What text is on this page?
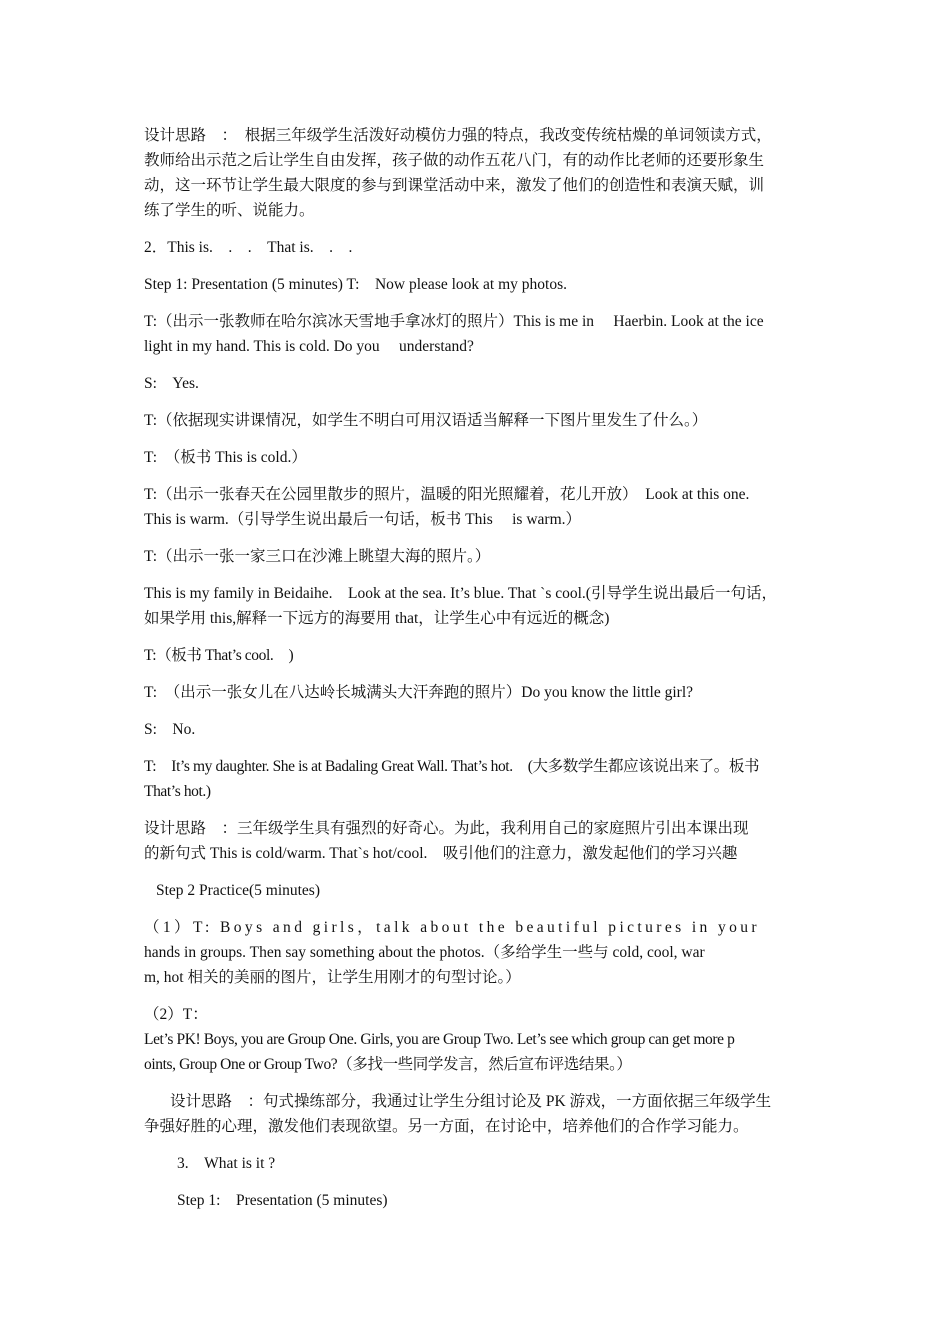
设计思路　：　根据三年级学生活泼好动模仿力强的特点，我改变传统枯燥的单词领读方式，
教师给出示范之后让学生自由发挥，孩子做的动作五花八门，有的动作比老师的还要形象生
动，这一环节让学生最大限度的参与到课堂活动中来，激发了他们的创造性和表演天赋，训
练了学生的听、说能力。
2．This is.　.　.　That is.　.　.
Step 1: Presentation (5 minutes) T:　Now please look at my photos.
T:（出示一张教师在哈尔滨冰天雪地手拿冰灯的照片）This is me in　 Haerbin. Look at the ice
light in my hand. This is cold. Do you　 understand?
S:　Yes.
T:（依据现实讲课情况，如学生不明白可用汉语适当解释一下图片里发生了什么。）
T:　（板书 This is cold.）
T:（出示一张春天在公园里散步的照片，温暖的阳光照耀着，花儿开放）　Look at this one.
This is warm.（引导学生说出最后一句话，板书 This　 is warm.）
T:（出示一张一家三口在沙滩上眺望大海的照片。）
This is my family in Beidaihe.　Look at the sea. It’s blue. That `s cool.(引导学生说出最后一句话，
如果学用 this,解释一下远方的海要用 that，让学生心中有远近的概念)
T:（板书 That’s cool.　)
T:　（出示一张女儿在八达岭长城满头大汗奔跑的照片）Do you know the little girl?
S:　No.
T:　It’s my daughter. She is at Badaling Great Wall. That’s hot.　(大多数学生都应该说出来了。板书
That’s hot.)
设计思路　：三年级学生具有强烈的好奇心。为此，我利用自己的家庭照片引出本课出现
的新句式 This is cold/warm. That`s hot/cool.　吸引他们的注意力，激发起他们的学习兴趣
Step 2 Practice(5 minutes)
（1）T: Boys and girls，talk about the beautiful pictures in your
hands in groups. Then say something about the photos.（多给学生一些与 cold, cool, war
m, hot 相关的美丽的图片，让学生用刚才的句型讨论。）
（2）T：
Let’s PK! Boys, you are Group One. Girls, you are Group Two. Let’s see which group can get more p
oints, Group One or Group Two?（多找一些同学发言，然后宣布评选结果。）
设计思路　：句式操练部分，我通过让学生分组讨论及 PK 游戏，一方面依据三年级学生
争强好胜的心理，激发他们表现欲望。另一方面，在讨论中，培养他们的合作学习能力。
3.　What is it ?
Step 1:　Presentation (5 minutes)
